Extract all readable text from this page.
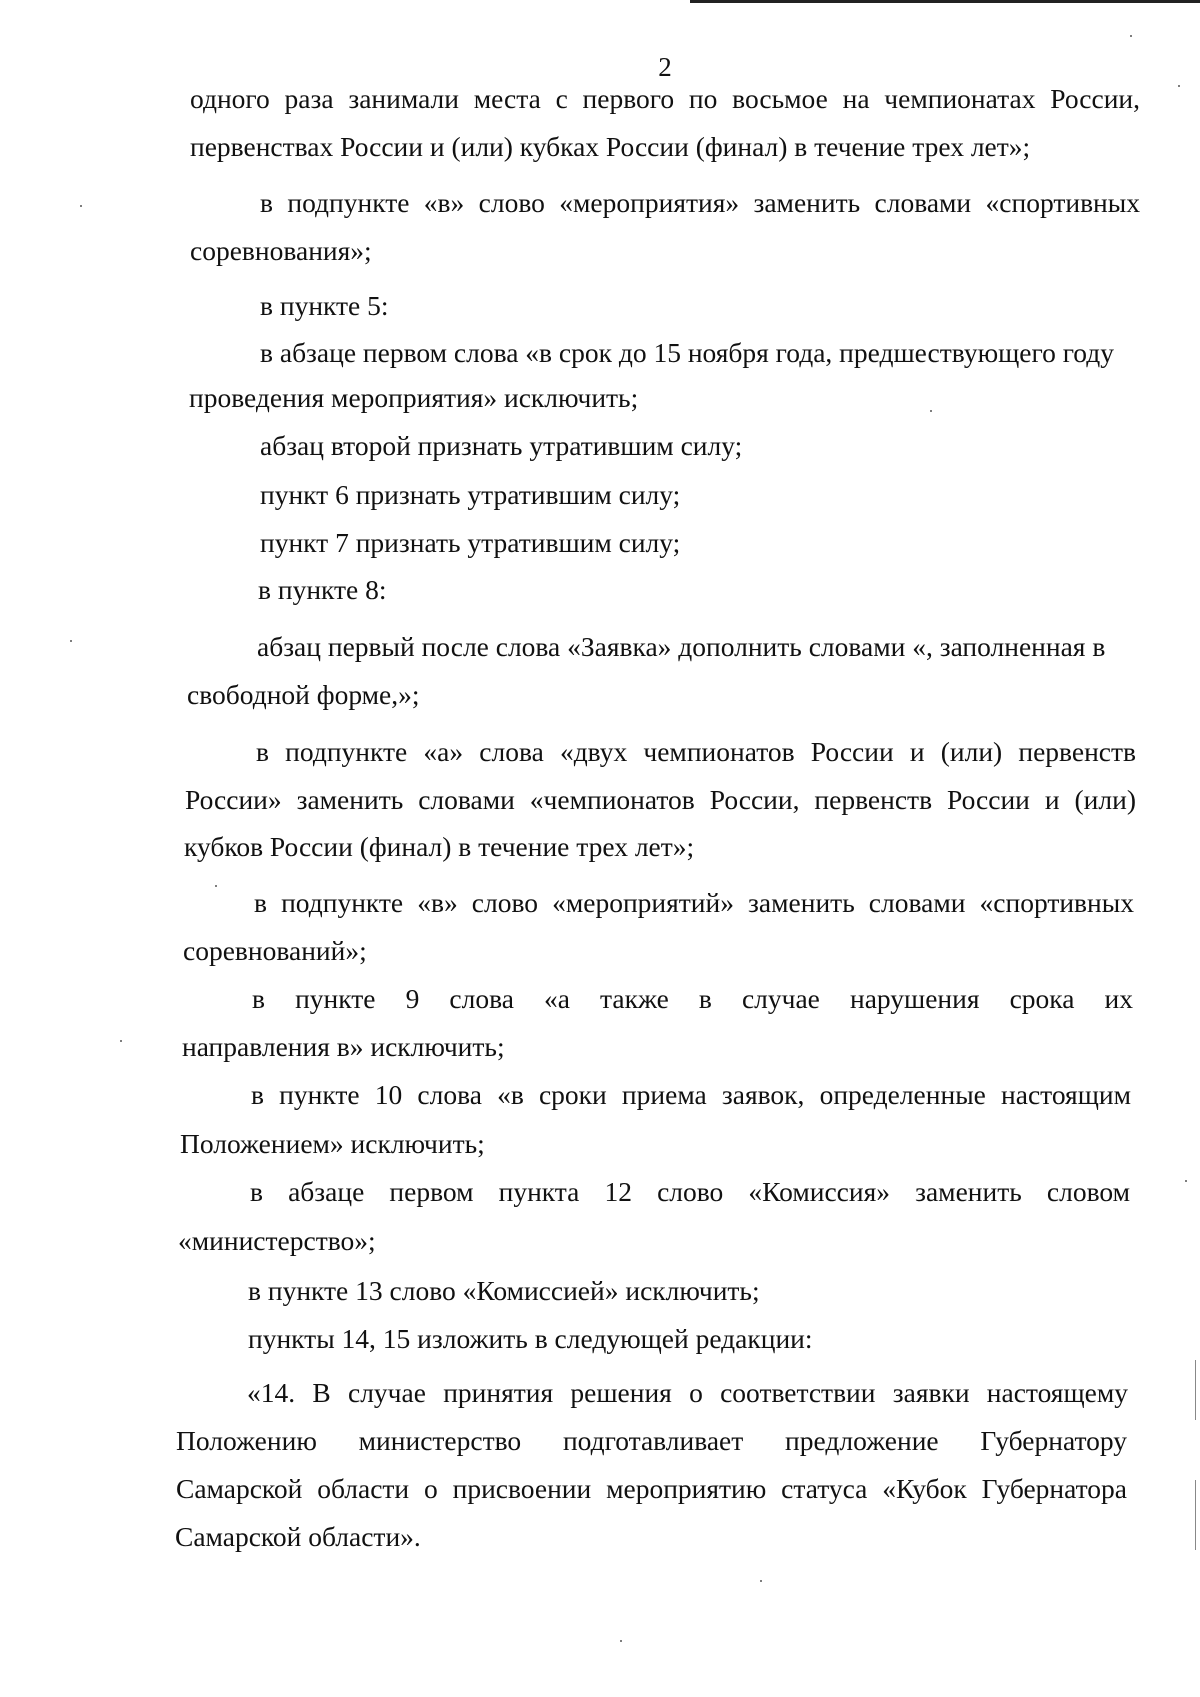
2
одного раза занимали места с первого по восьмое на чемпионатах России,
первенствах России и (или) кубках России (финал) в течение трех лет»;
в подпункте «в» слово «мероприятия» заменить словами «спортивных
соревнования»;
в пункте 5:
в абзаце первом слова «в срок до 15 ноября года, предшествующего году
проведения мероприятия» исключить;
абзац второй признать утратившим силу;
пункт 6 признать утратившим силу;
пункт 7 признать утратившим силу;
в пункте 8:
абзац первый после слова «Заявка» дополнить словами «, заполненная в
свободной форме,»;
в подпункте «а» слова «двух чемпионатов России и (или) первенств
России» заменить словами «чемпионатов России, первенств России и (или)
кубков России (финал) в течение трех лет»;
в подпункте «в» слово «мероприятий» заменить словами «спортивных
соревнований»;
в пункте 9 слова «а также в случае нарушения срока их
направления в» исключить;
в пункте 10 слова «в сроки приема заявок, определенные настоящим
Положением» исключить;
в абзаце первом пункта 12 слово «Комиссия» заменить словом
«министерство»;
в пункте 13 слово «Комиссией» исключить;
пункты 14, 15 изложить в следующей редакции:
«14. В случае принятия решения о соответствии заявки настоящему
Положению министерство подготавливает предложение Губернатору
Самарской области о присвоении мероприятию статуса «Кубок Губернатора
Самарской области».
